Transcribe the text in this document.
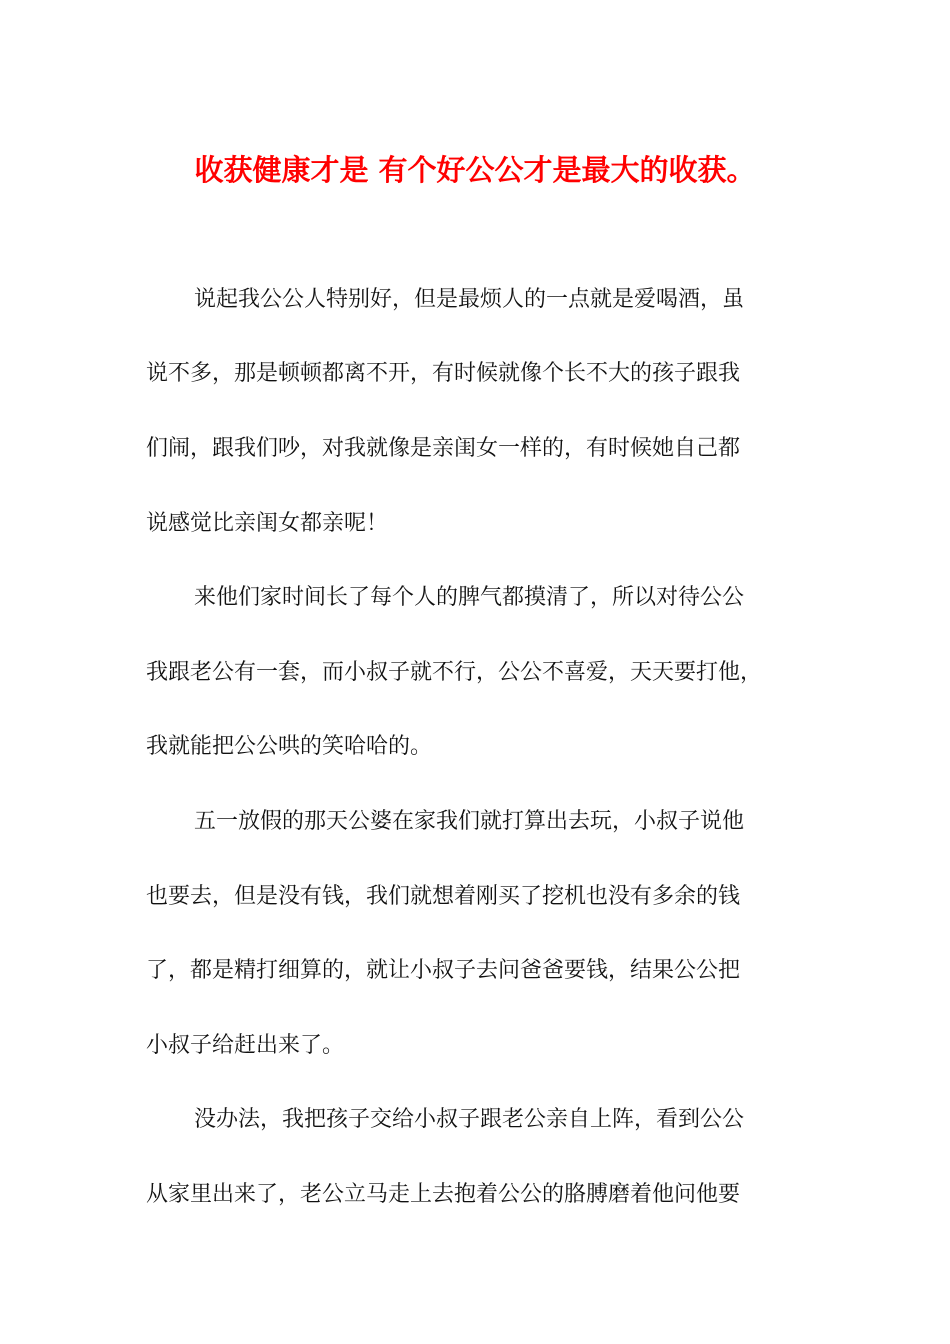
收获健康才是 有个好公公才是最大的收获。

说起我公公人特别好，但是最烦人的一点就是爱喝酒，虽

说不多，那是顿顿都离不开，有时候就像个长不大的孩子跟我

们闹，跟我们吵，对我就像是亲闺女一样的，有时候她自己都

说感觉比亲闺女都亲呢！

来他们家时间长了每个人的脾气都摸清了，所以对待公公

我跟老公有一套，而小叔子就不行，公公不喜爱，天天要打他，

我就能把公公哄的笑哈哈的。

五一放假的那天公婆在家我们就打算出去玩，小叔子说他

也要去，但是没有钱，我们就想着刚买了挖机也没有多余的钱

了，都是精打细算的，就让小叔子去问爸爸要钱，结果公公把

小叔子给赶出来了。

没办法，我把孩子交给小叔子跟老公亲自上阵，看到公公

从家里出来了，老公立马走上去抱着公公的胳膊磨着他问他要
